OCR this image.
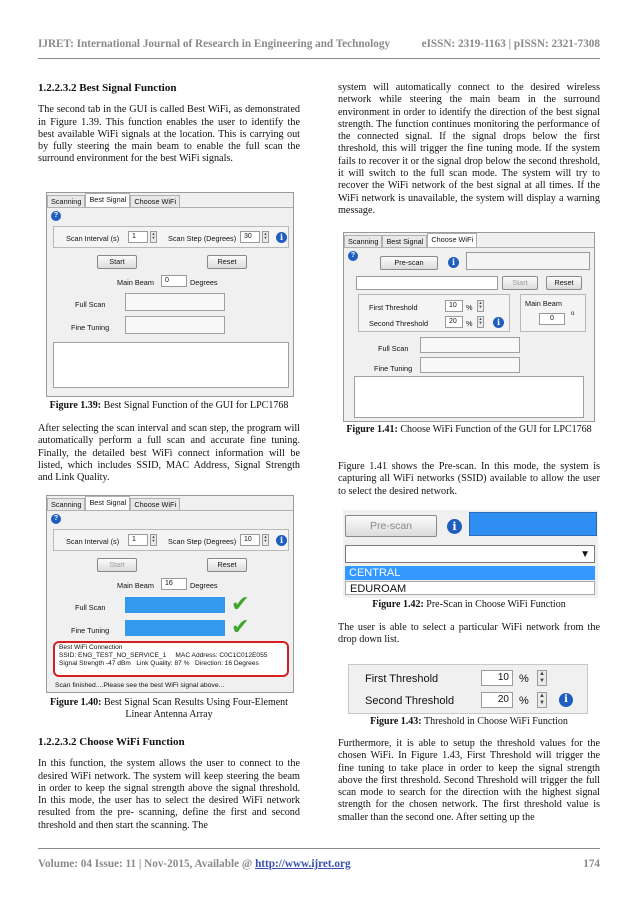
IJRET: International Journal of Research in Engineering and Technology	eISSN: 2319-1163 | pISSN: 2321-7308
1.2.2.3.2 Best Signal Function

The second tab in the GUI is called Best WiFi, as demonstrated in Figure 1.39. This function enables the user to identify the best available WiFi signals at the location. This is carrying out by fully steering the main beam to enable the full scan the surround environment for the best WiFi signals.

Scanning	Best Signal	Choose WiFi
?
Scan Interval (s)	1	▲
▼ Scan Step (Degrees)	30	▲
▼	i
Start	Reset
Main Beam	0	Degrees
Full Scan
Fine Tuning
Figure 1.39: Best Signal Function of the GUI for LPC1768

After selecting the scan interval and scan step, the program will automatically perform a full scan and accurate fine tuning. Finally, the detailed best WiFi connect information will be listed, which includes SSID, MAC Address, Signal Strength and Link Quality.

Scanning	Best Signal	Choose WiFi
?
Scan Interval (s)	1	▲
▼ Scan Step (Degrees)	10	▲
▼	i
Start	Reset
Main Beam	16	Degrees
Full Scan	✔
Fine Tuning	✔
Best WiFi Connection
SSID: ENG_TEST_NO_SERVICE_1 MAC Address: C0C1C012E055
Signal Strength -47 dBm Link Quality: 87 % Direction: 16 Degrees
Scan finished....Please see the best WiFi signal above...
Figure 1.40: Best Signal Scan Results Using Four-Element Linear Antenna Array
1.2.2.3.2 Choose WiFi Function

In this function, the system allows the user to connect to the desired WiFi network. The system will keep steering the beam in order to keep the signal strength above the signal threshold. In this mode, the user has to select the desired WiFi network resulted from the pre- scanning, define the first and second threshold and then start the scanning. The

system will automatically connect to the desired wireless network while steering the main beam in the surround environment in order to identify the direction of the best signal strength. The function continues monitoring the performance of the connected signal. If the signal drops below the first threshold, this will trigger the fine tuning mode. If the system fails to recover it or the signal drop below the second threshold, it will switch to the full scan mode. The system will try to recover the WiFi network of the best signal at all times. If the WiFi network is unavailable, the system will display a warning message.

Scanning	Best Signal	Choose WiFi
?
Pre-scan	i
Start	Reset
First Threshold	10	%
▲
▼
Second Threshold	20	%
▲
▼	i
Main Beam
0
o
Full Scan
Fine Tuning
Figure 1.41: Choose WiFi Function of the GUI for LPC1768

Figure 1.41 shows the Pre-scan. In this mode, the system is capturing all WiFi networks (SSID) available to allow the user to select the desired network.

Pre-scan	i
▼
CENTRAL
EDUROAM
Figure 1.42: Pre-Scan in Choose WiFi Function

The user is able to select a particular WiFi network from the drop down list.

First Threshold	10 %	▲
▼
Second Threshold	20 %	▲
▼	i
Figure 1.43: Threshold in Choose WiFi Function

Furthermore, it is able to setup the threshold values for the chosen WiFi. In Figure 1.43, First Threshold will trigger the fine tuning to take place in order to keep the signal strength above the first threshold. Second Threshold will trigger the full scan mode to search for the direction with the highest signal strength for the chosen network. The first threshold value is smaller than the second one. After setting up the

Volume: 04 Issue: 11 | Nov-2015, Available @ http://www.ijret.org	174
